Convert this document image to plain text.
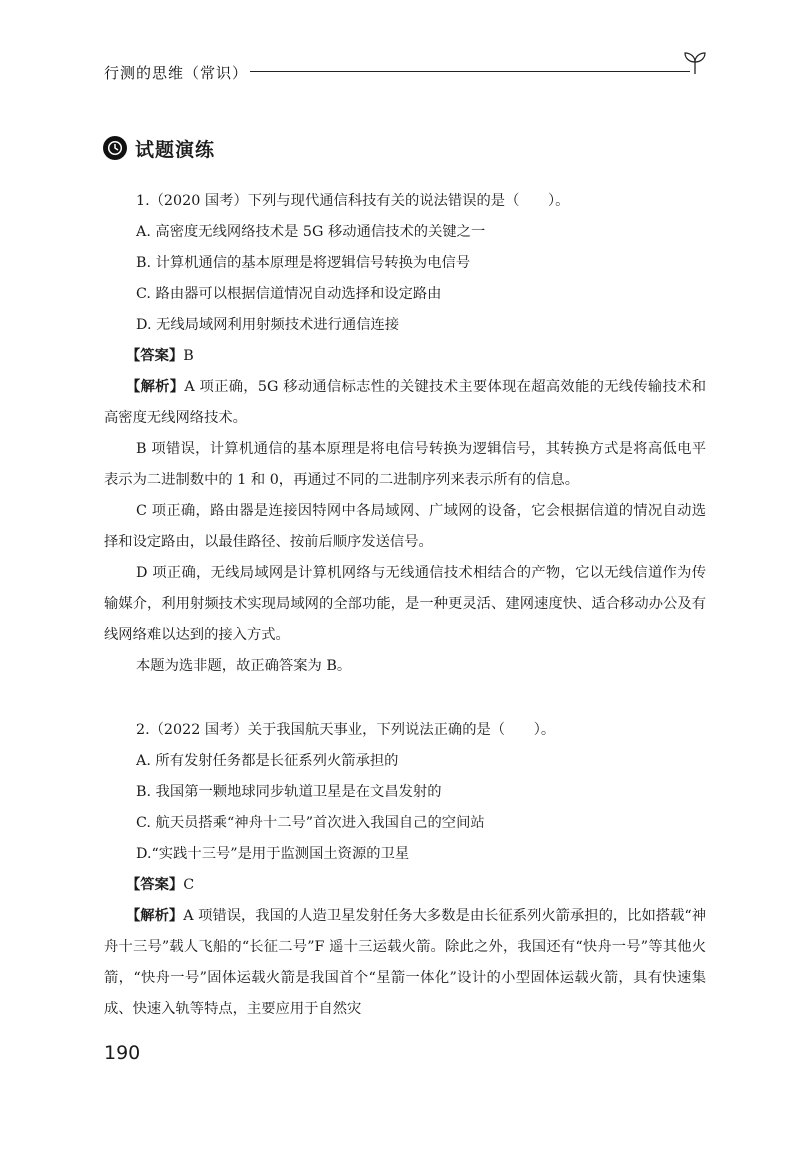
行测的思维（常识）
试题演练

1.（2020 国考）下列与现代通信科技有关的说法错误的是（　　）。

A. 高密度无线网络技术是 5G 移动通信技术的关键之一

B. 计算机通信的基本原理是将逻辑信号转换为电信号

C. 路由器可以根据信道情况自动选择和设定路由

D. 无线局域网利用射频技术进行通信连接

【答案】B

【解析】A 项正确，5G 移动通信标志性的关键技术主要体现在超高效能的无线传输技术和高密度无线网络技术。

B 项错误，计算机通信的基本原理是将电信号转换为逻辑信号，其转换方式是将高低电平表示为二进制数中的 1 和 0，再通过不同的二进制序列来表示所有的信息。

C 项正确，路由器是连接因特网中各局域网、广域网的设备，它会根据信道的情况自动选择和设定路由，以最佳路径、按前后顺序发送信号。

D 项正确，无线局域网是计算机网络与无线通信技术相结合的产物，它以无线信道作为传输媒介，利用射频技术实现局域网的全部功能，是一种更灵活、建网速度快、适合移动办公及有线网络难以达到的接入方式。

本题为选非题，故正确答案为 B。

2.（2022 国考）关于我国航天事业，下列说法正确的是（　　）。

A. 所有发射任务都是长征系列火箭承担的

B. 我国第一颗地球同步轨道卫星是在文昌发射的

C. 航天员搭乘“神舟十二号”首次进入我国自己的空间站

D.“实践十三号”是用于监测国土资源的卫星

【答案】C

【解析】A 项错误，我国的人造卫星发射任务大多数是由长征系列火箭承担的，比如搭载“神舟十三号”载人飞船的“长征二号”F 遥十三运载火箭。除此之外，我国还有“快舟一号”等其他火箭，“快舟一号”固体运载火箭是我国首个“星箭一体化”设计的小型固体运载火箭，具有快速集成、快速入轨等特点，主要应用于自然灾

190
